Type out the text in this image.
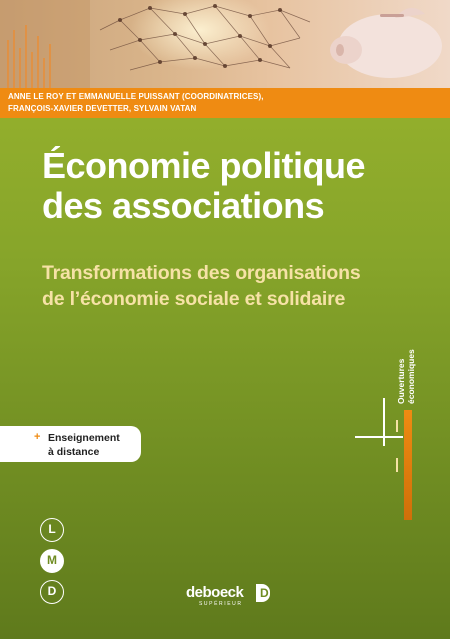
ANNE LE ROY ET EMMANUELLE PUISSANT (COORDINATRICES),
FRANÇOIS-XAVIER DEVETTER, SYLVAIN VATAN
Économie politique
des associations
Transformations des organisations
de l’économie sociale et solidaire
Ouvertures économiques
+ Enseignement
à distance
L
M
D	deboeck
SUPÉRIEUR
D
